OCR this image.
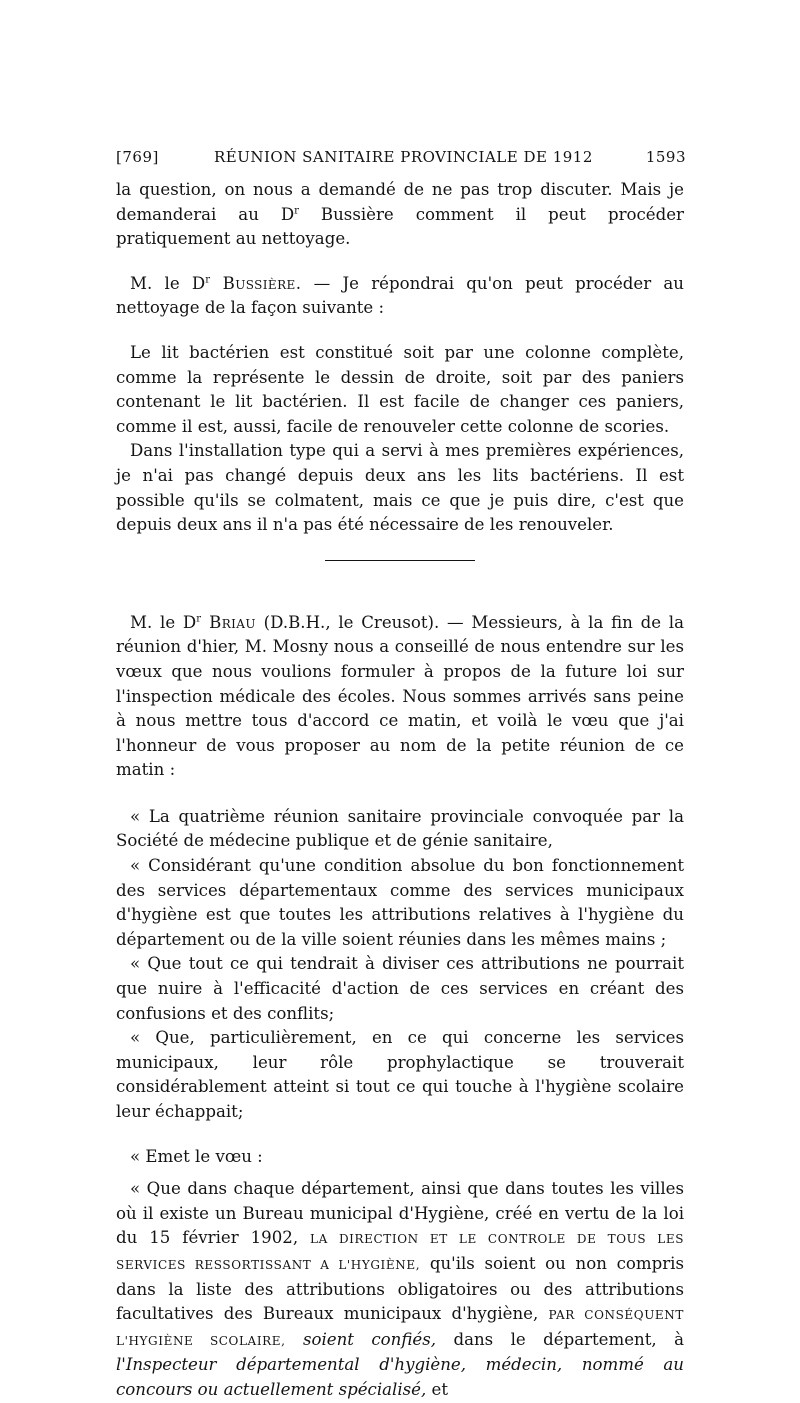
[769]	RÉUNION SANITAIRE PROVINCIALE DE 1912	1593

la question, on nous a demandé de ne pas trop discuter. Mais je demanderai au $D^r$ Bussière comment il peut procéder pratiquement au nettoyage.

M. le $D^r$ Bussière. — Je répondrai qu'on peut procéder au nettoyage de la façon suivante :

Le lit bactérien est constitué soit par une colonne complète, comme la représente le dessin de droite, soit par des paniers contenant le lit bactérien. Il est facile de changer ces paniers, comme il est, aussi, facile de renouveler cette colonne de scories.

Dans l'installation type qui a servi à mes premières expériences, je n'ai pas changé depuis deux ans les lits bactériens. Il est possible qu'ils se colmatent, mais ce que je puis dire, c'est que depuis deux ans il n'a pas été nécessaire de les renouveler.

M. le $D^r$ Briau (D.B.H., le Creusot). — Messieurs, à la fin de la réunion d'hier, M. Mosny nous a conseillé de nous entendre sur les vœux que nous voulions formuler à propos de la future loi sur l'inspection médicale des écoles. Nous sommes arrivés sans peine à nous mettre tous d'accord ce matin, et voilà le vœu que j'ai l'honneur de vous proposer au nom de la petite réunion de ce matin :

« La quatrième réunion sanitaire provinciale convoquée par la Société de médecine publique et de génie sanitaire,

« Considérant qu'une condition absolue du bon fonctionnement des services départementaux comme des services municipaux d'hygiène est que toutes les attributions relatives à l'hygiène du département ou de la ville soient réunies dans les mêmes mains ;

« Que tout ce qui tendrait à diviser ces attributions ne pourrait que nuire à l'efficacité d'action de ces services en créant des confusions et des conflits;

« Que, particulièrement, en ce qui concerne les services municipaux, leur rôle prophylactique se trouverait considérablement atteint si tout ce qui touche à l'hygiène scolaire leur échappait;

« Emet le vœu :

« Que dans chaque département, ainsi que dans toutes les villes où il existe un Bureau municipal d'Hygiène, créé en vertu de la loi du 15 février 1902, LA DIRECTION ET LE CONTROLE DE TOUS LES SERVICES RESSORTISSANT A L'HYGIÈNE, qu'ils soient ou non compris dans la liste des attributions obligatoires ou des attributions facultatives des Bureaux municipaux d'hygiène, PAR CONSÉQUENT L'HYGIÈNE SCOLAIRE, soient confiés, dans le département, à l'Inspecteur départemental d'hygiène, médecin, nommé au concours ou actuellement spécialisé, et
